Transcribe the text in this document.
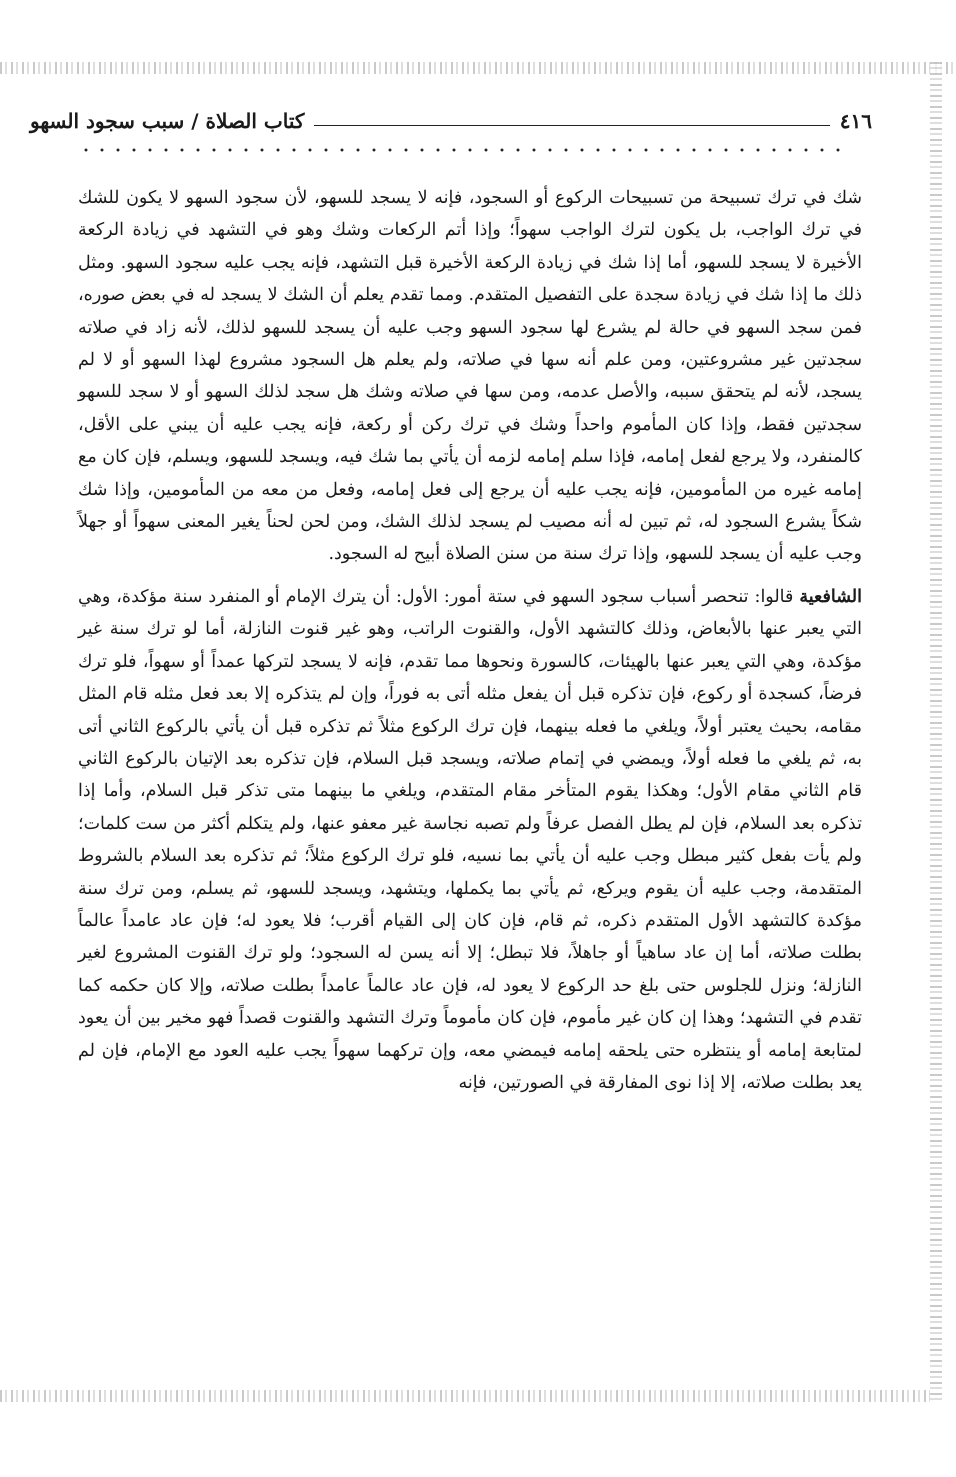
٤١٦
كتاب الصلاة / سبب سجود السهو

شك في ترك تسبيحة من تسبيحات الركوع أو السجود، فإنه لا يسجد للسهو، لأن سجود السهو لا يكون للشك في ترك الواجب، بل يكون لترك الواجب سهواً؛ وإذا أتم الركعات وشك وهو في التشهد في زيادة الركعة الأخيرة لا يسجد للسهو، أما إذا شك في زيادة الركعة الأخيرة قبل التشهد، فإنه يجب عليه سجود السهو. ومثل ذلك ما إذا شك في زيادة سجدة على التفصيل المتقدم. ومما تقدم يعلم أن الشك لا يسجد له في بعض صوره، فمن سجد السهو في حالة لم يشرع لها سجود السهو وجب عليه أن يسجد للسهو لذلك، لأنه زاد في صلاته سجدتين غير مشروعتين، ومن علم أنه سها في صلاته، ولم يعلم هل السجود مشروع لهذا السهو أو لا لم يسجد، لأنه لم يتحقق سببه، والأصل عدمه، ومن سها في صلاته وشك هل سجد لذلك السهو أو لا سجد للسهو سجدتين فقط، وإذا كان المأموم واحداً وشك في ترك ركن أو ركعة، فإنه يجب عليه أن يبني على الأقل، كالمنفرد، ولا يرجع لفعل إمامه، فإذا سلم إمامه لزمه أن يأتي بما شك فيه، ويسجد للسهو، ويسلم، فإن كان مع إمامه غيره من المأمومين، فإنه يجب عليه أن يرجع إلى فعل إمامه، وفعل من معه من المأمومين، وإذا شك شكاً يشرع السجود له، ثم تبين له أنه مصيب لم يسجد لذلك الشك، ومن لحن لحناً يغير المعنى سهواً أو جهلاً وجب عليه أن يسجد للسهو، وإذا ترك سنة من سنن الصلاة أبيح له السجود.

الشافعية قالوا: تنحصر أسباب سجود السهو في ستة أمور: الأول: أن يترك الإمام أو المنفرد سنة مؤكدة، وهي التي يعبر عنها بالأبعاض، وذلك كالتشهد الأول، والقنوت الراتب، وهو غير قنوت النازلة، أما لو ترك سنة غير مؤكدة، وهي التي يعبر عنها بالهيئات، كالسورة ونحوها مما تقدم، فإنه لا يسجد لتركها عمداً أو سهواً، فلو ترك فرضاً، كسجدة أو ركوع، فإن تذكره قبل أن يفعل مثله أتى به فوراً، وإن لم يتذكره إلا بعد فعل مثله قام المثل مقامه، بحيث يعتبر أولاً، ويلغي ما فعله بينهما، فإن ترك الركوع مثلاً ثم تذكره قبل أن يأتي بالركوع الثاني أتى به، ثم يلغي ما فعله أولاً، ويمضي في إتمام صلاته، ويسجد قبل السلام، فإن تذكره بعد الإتيان بالركوع الثاني قام الثاني مقام الأول؛ وهكذا يقوم المتأخر مقام المتقدم، ويلغي ما بينهما متى تذكر قبل السلام، وأما إذا تذكره بعد السلام، فإن لم يطل الفصل عرفاً ولم تصبه نجاسة غير معفو عنها، ولم يتكلم أكثر من ست كلمات؛ ولم يأت بفعل كثير مبطل وجب عليه أن يأتي بما نسيه، فلو ترك الركوع مثلاً؛ ثم تذكره بعد السلام بالشروط المتقدمة، وجب عليه أن يقوم ويركع، ثم يأتي بما يكملها، ويتشهد، ويسجد للسهو، ثم يسلم، ومن ترك سنة مؤكدة كالتشهد الأول المتقدم ذكره، ثم قام، فإن كان إلى القيام أقرب؛ فلا يعود له؛ فإن عاد عامداً عالماً بطلت صلاته، أما إن عاد ساهياً أو جاهلاً، فلا تبطل؛ إلا أنه يسن له السجود؛ ولو ترك القنوت المشروع لغير النازلة؛ ونزل للجلوس حتى بلغ حد الركوع لا يعود له، فإن عاد عالماً عامداً بطلت صلاته، وإلا كان حكمه كما تقدم في التشهد؛ وهذا إن كان غير مأموم، فإن كان مأموماً وترك التشهد والقنوت قصداً فهو مخير بين أن يعود لمتابعة إمامه أو ينتظره حتى يلحقه إمامه فيمضي معه، وإن تركهما سهواً يجب عليه العود مع الإمام، فإن لم يعد بطلت صلاته، إلا إذا نوى المفارقة في الصورتين، فإنه
